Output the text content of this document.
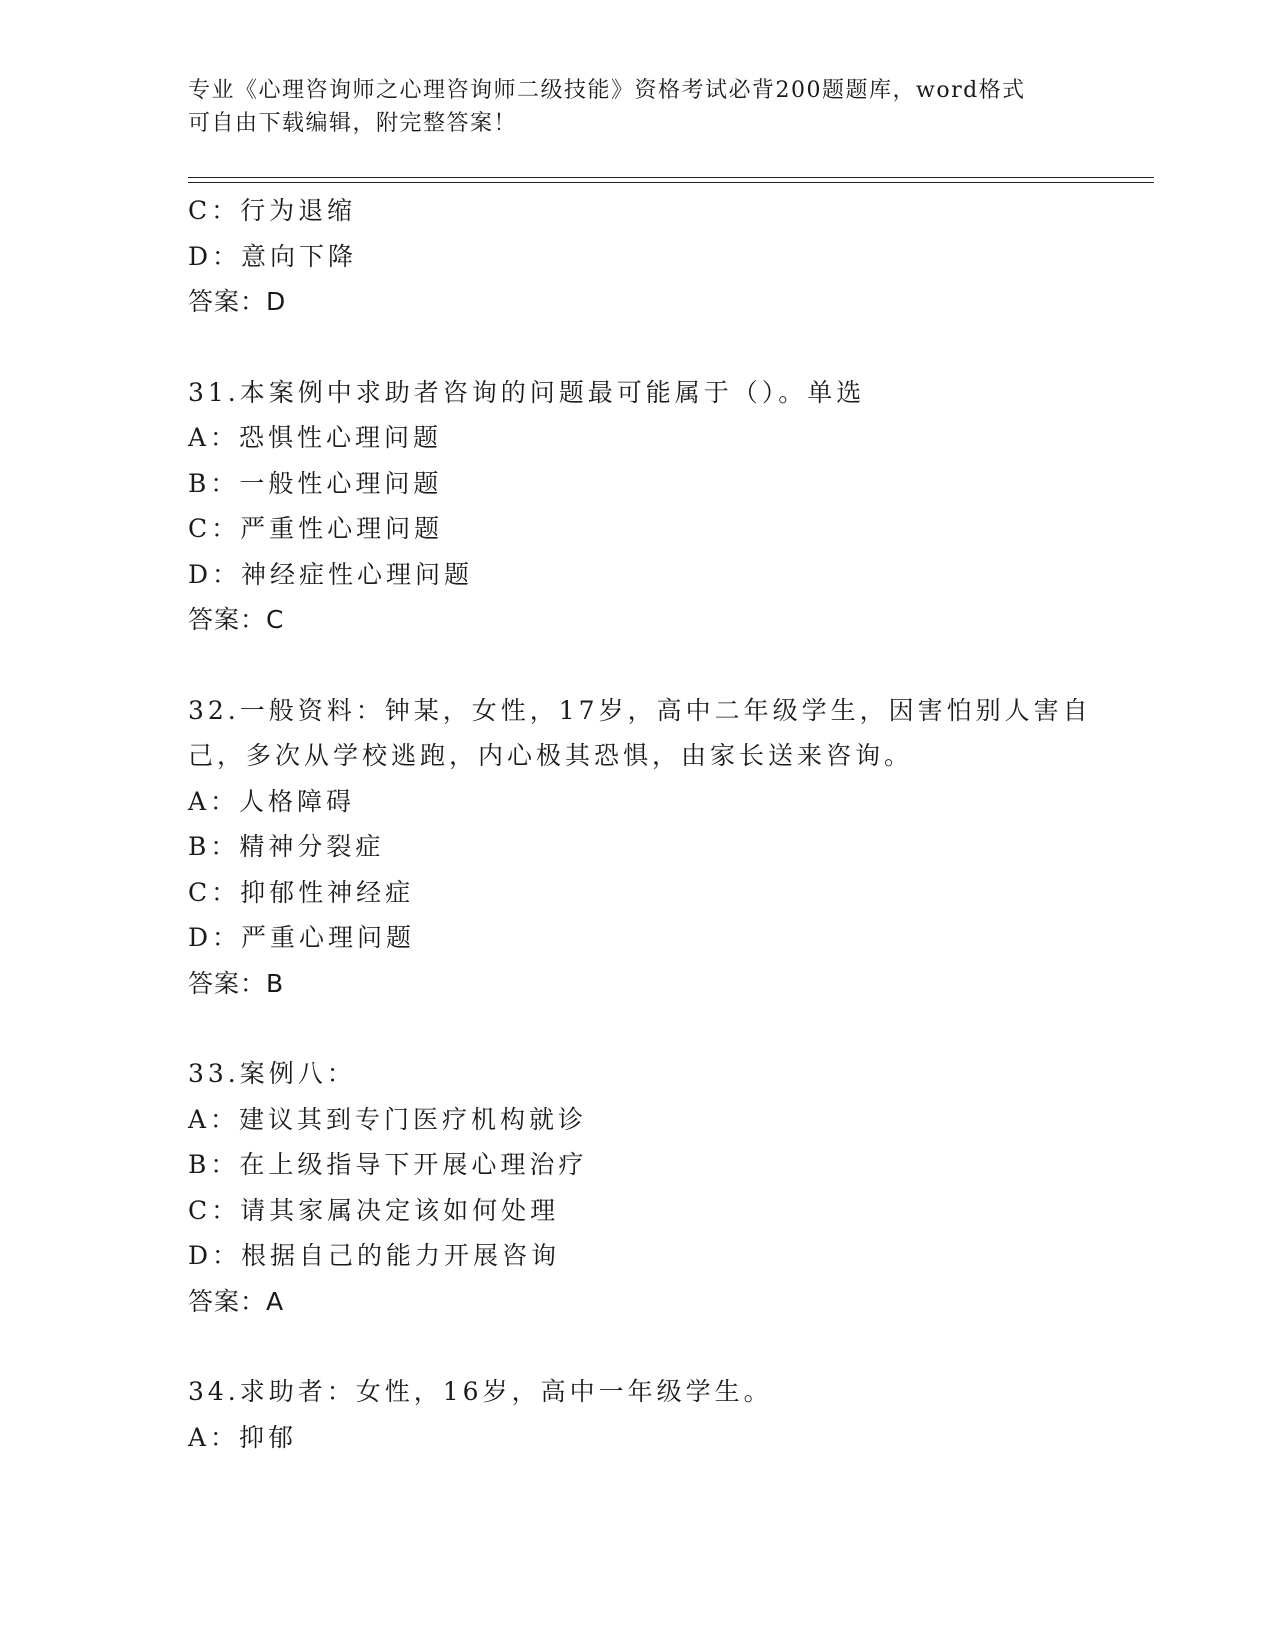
专业《心理咨询师之心理咨询师二级技能》资格考试必背200题题库，word格式
可自由下载编辑，附完整答案！
C：行为退缩
D：意向下降
答案：D
31.本案例中求助者咨询的问题最可能属于（）。单选
A：恐惧性心理问题
B：一般性心理问题
C：严重性心理问题
D：神经症性心理问题
答案：C
32.一般资料：钟某，女性，17岁，高中二年级学生，因害怕别人害自
己，多次从学校逃跑，内心极其恐惧，由家长送来咨询。
A：人格障碍
B：精神分裂症
C：抑郁性神经症
D：严重心理问题
答案：B
33.案例八：
A：建议其到专门医疗机构就诊
B：在上级指导下开展心理治疗
C：请其家属决定该如何处理
D：根据自己的能力开展咨询
答案：A
34.求助者：女性，16岁，高中一年级学生。
A：抑郁
